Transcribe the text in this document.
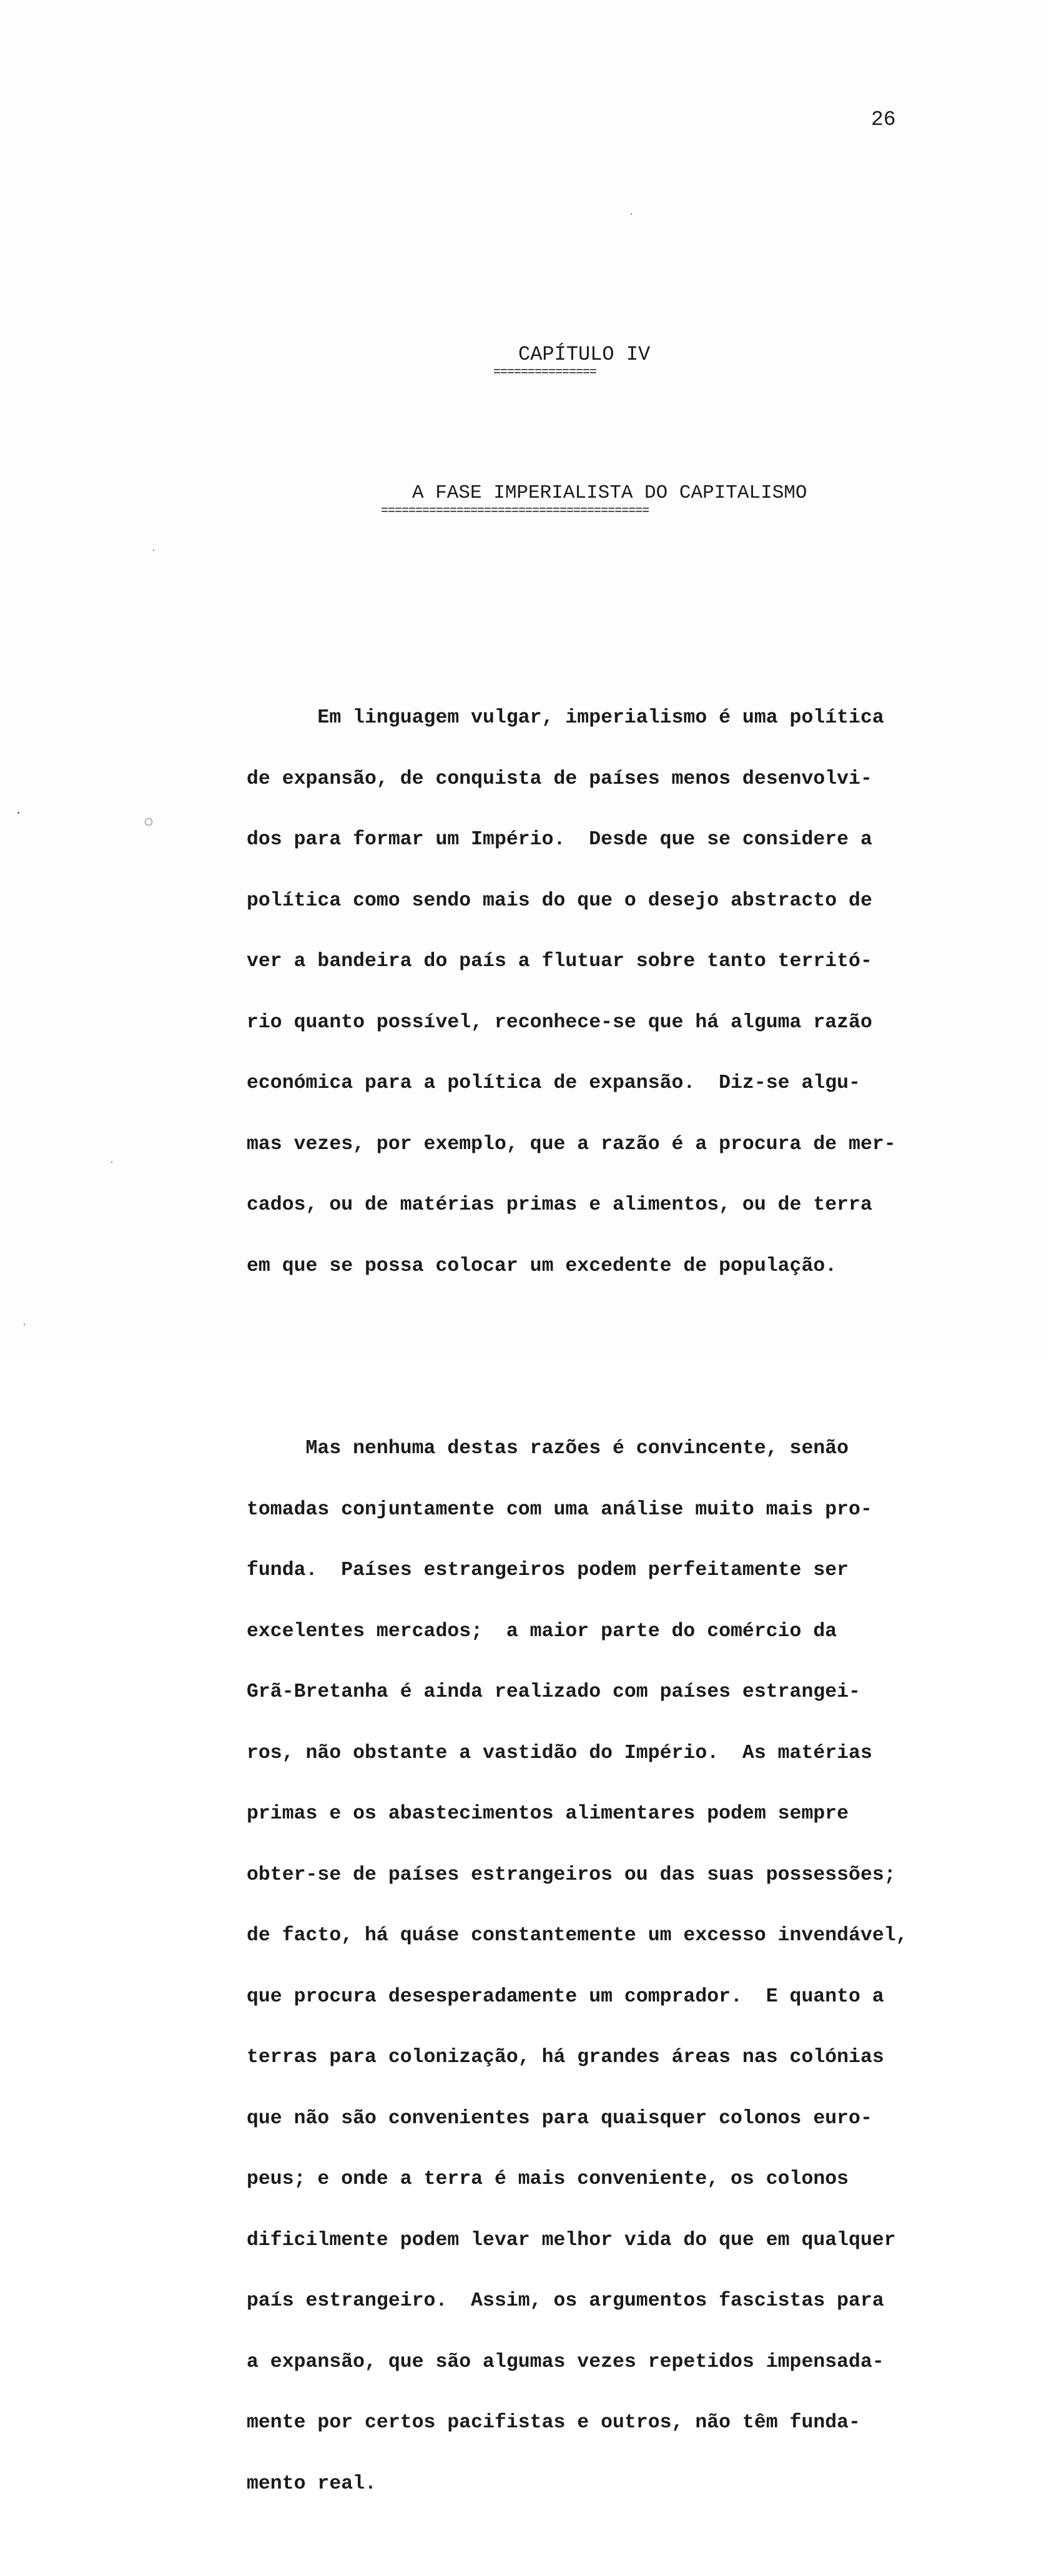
26
CAPÍTULO IV
===============
A FASE IMPERIALISTA DO CAPITALISMO
=======================================

Em linguagem vulgar, imperialismo é uma política

de expansão, de conquista de países menos desenvolvi-

dos para formar um Império.  Desde que se considere a

política como sendo mais do que o desejo abstracto de

ver a bandeira do país a flutuar sobre tanto territó-

rio quanto possível, reconhece-se que há alguma razão

económica para a política de expansão.  Diz-se algu-

mas vezes, por exemplo, que a razão é a procura de mer-

cados, ou de matérias primas e alimentos, ou de terra

em que se possa colocar um excedente de população.

Mas nenhuma destas razões é convincente, senão

tomadas conjuntamente com uma análise muito mais pro-

funda.  Países estrangeiros podem perfeitamente ser

excelentes mercados;  a maior parte do comércio da

Grã-Bretanha é ainda realizado com países estrangei-

ros, não obstante a vastidão do Império.  As matérias

primas e os abastecimentos alimentares podem sempre

obter-se de países estrangeiros ou das suas possessões;

de facto, há quáse constantemente um excesso invendável,

que procura desesperadamente um comprador.  E quanto a

terras para colonização, há grandes áreas nas colónias

que não são convenientes para quaisquer colonos euro-

peus; e onde a terra é mais conveniente, os colonos

dificilmente podem levar melhor vida do que em qualquer

país estrangeiro.  Assim, os argumentos fascistas para

a expansão, que são algumas vezes repetidos impensada-

mente por certos pacifistas e outros, não têm funda-

mento real.
